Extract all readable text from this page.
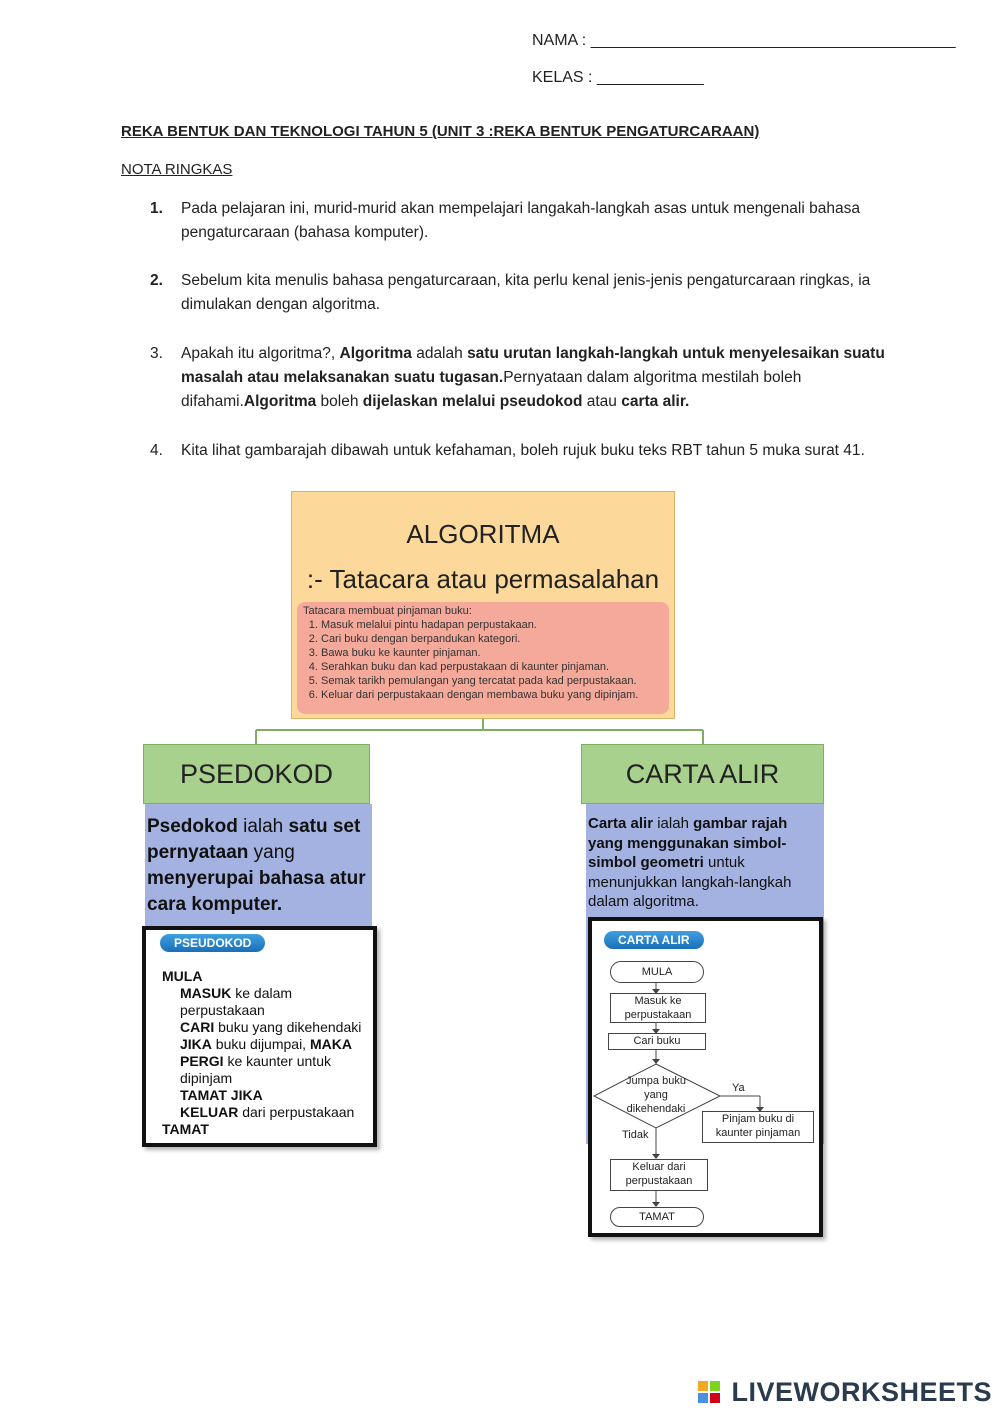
NAMA : _________________________________________
KELAS : ____________
REKA BENTUK DAN TEKNOLOGI TAHUN 5 (UNIT 3 :REKA BENTUK PENGATURCARAAN)
NOTA RINGKAS
1.	Pada pelajaran ini, murid-murid akan mempelajari langakah-langkah asas untuk mengenali bahasa pengaturcaraan (bahasa komputer).
2.	Sebelum kita menulis bahasa pengaturcaraan, kita perlu kenal jenis-jenis pengaturcaraan ringkas, ia dimulakan dengan algoritma.
3.	Apakah itu algoritma?, Algoritma adalah satu urutan langkah-langkah untuk menyelesaikan suatu masalah atau melaksanakan suatu tugasan.Pernyataan dalam algoritma mestilah boleh difahami.Algoritma boleh dijelaskan melalui pseudokod atau carta alir.
4.	Kita lihat gambarajah dibawah untuk kefahaman, boleh rujuk buku teks RBT tahun 5 muka surat 41.
ALGORITMA
:- Tatacara atau permasalahan
Tatacara membuat pinjaman buku:
1. Masuk melalui pintu hadapan perpustakaan.
2. Cari buku dengan berpandukan kategori.
3. Bawa buku ke kaunter pinjaman.
4. Serahkan buku dan kad perpustakaan di kaunter pinjaman.
5. Semak tarikh pemulangan yang tercatat pada kad perpustakaan.
6. Keluar dari perpustakaan dengan membawa buku yang dipinjam.
PSEDOKOD
Psedokod ialah satu set pernyataan yang menyerupai bahasa atur cara komputer.
PSEUDOKOD
MULA
MASUK ke dalam
perpustakaan
CARI buku yang dikehendaki
JIKA buku dijumpai, MAKA
PERGI ke kaunter untuk
dipinjam
TAMAT JIKA
KELUAR dari perpustakaan
TAMAT
CARTA ALIR
Carta alir ialah gambar rajah yang menggunakan simbol-simbol geometri untuk menunjukkan langkah-langkah dalam algoritma.
CARTA ALIR
MULA
Masuk ke perpustakaan
Cari buku
Jumpa buku yang dikehendaki
Ya
Tidak
Pinjam buku di kaunter pinjaman
Keluar dari perpustakaan
TAMAT
LIVEWORKSHEETS
